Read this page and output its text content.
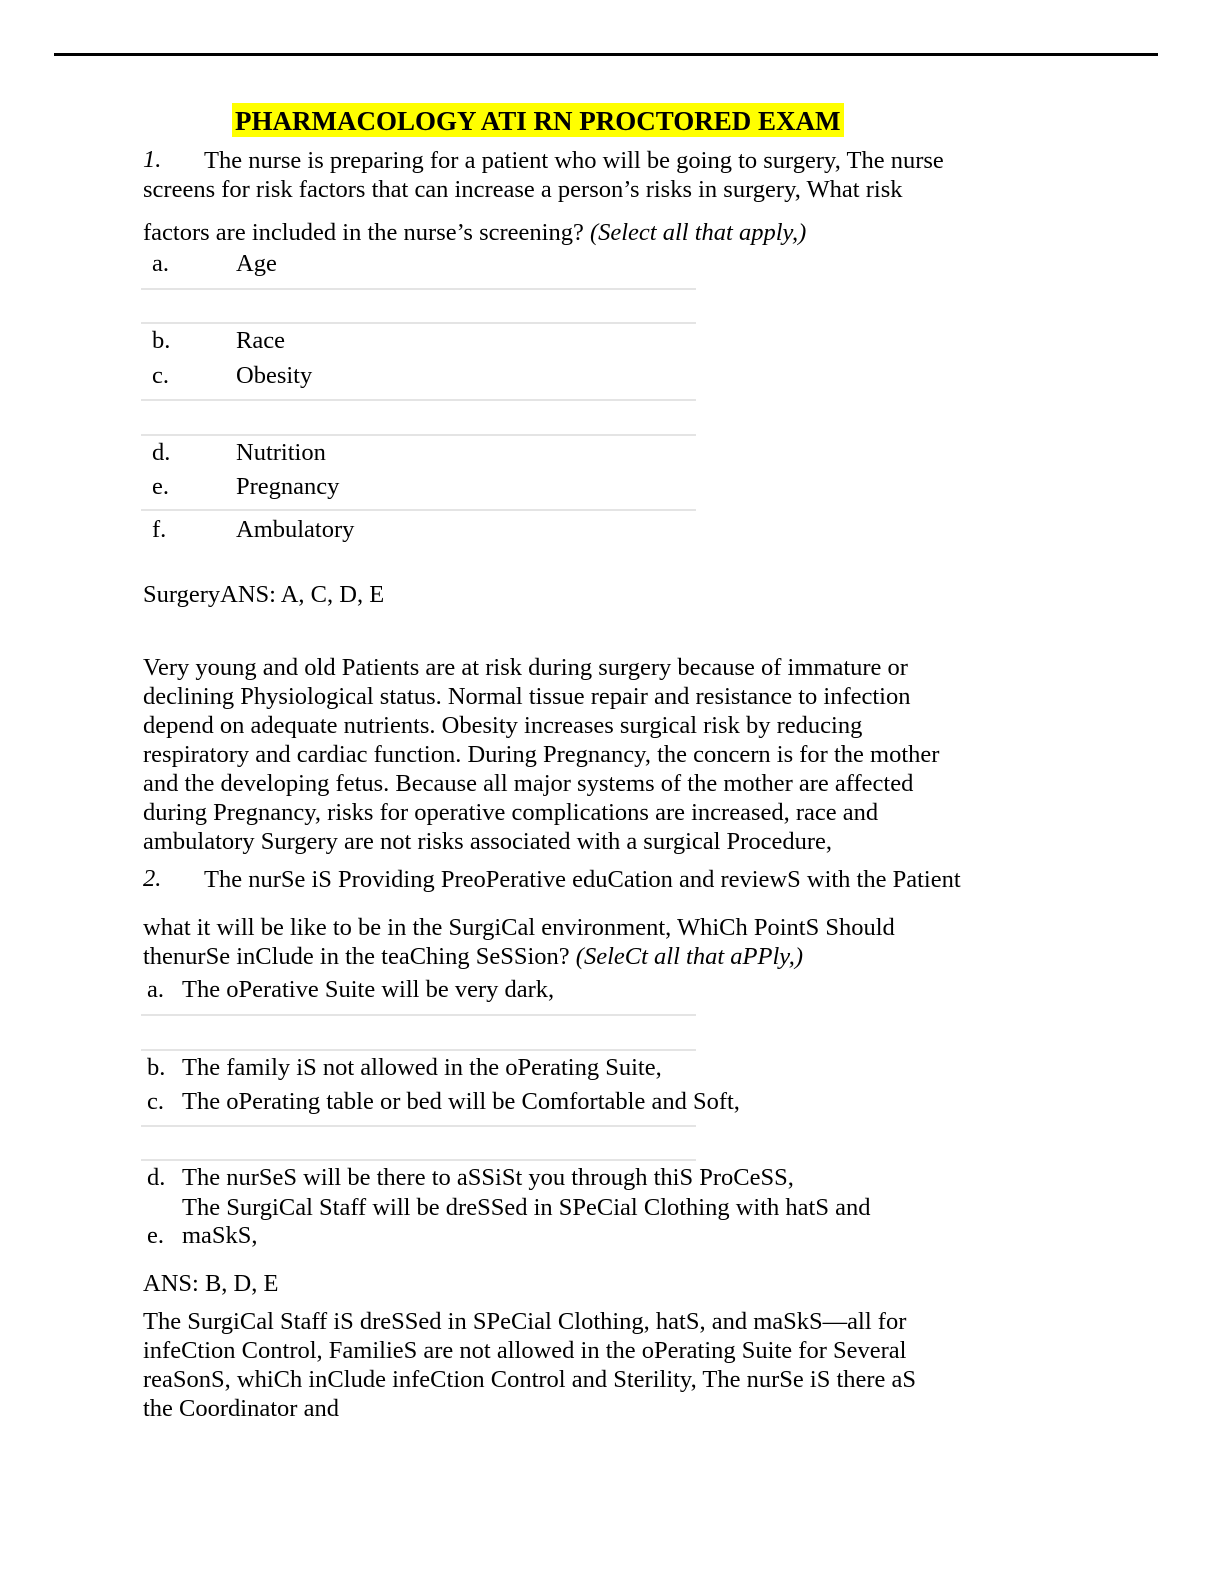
PHARMACOLOGY ATI RN PROCTORED EXAM
1. The nurse is preparing for a patient who will be going to surgery, The nurse
screens for risk factors that can increase a person’s risks in surgery, What risk
factors are included in the nurse’s screening? (Select all that apply,)
a.	Age
b.	Race
c.	Obesity
d.	Nutrition
e.	Pregnancy
f.	Ambulatory
SurgeryANS: A, C, D, E
Very young and old Patients are at risk during surgery because of immature or
declining Physiological status. Normal tissue repair and resistance to infection
depend on adequate nutrients. Obesity increases surgical risk by reducing
respiratory and cardiac function. During Pregnancy, the concern is for the mother
and the developing fetus. Because all major systems of the mother are affected
during Pregnancy, risks for operative complications are increased, race and
ambulatory Surgery are not risks associated with a surgical Procedure,
2. The nurSe iS Providing PreoPerative eduCation and reviewS with the Patient
what it will be like to be in the SurgiCal environment, WhiCh PointS Should
thenurSe inClude in the teaChing SeSSion? (SeleCt all that aPPly,)
a. The oPerative Suite will be very dark,
b. The family iS not allowed in the oPerating Suite,
c. The oPerating table or bed will be Comfortable and Soft,
d. The nurSeS will be there to aSSiSt you through thiS ProCeSS,
The SurgiCal Staff will be dreSSed in SPeCial Clothing with hatS and
e. maSkS,
ANS: B, D, E
The SurgiCal Staff iS dreSSed in SPeCial Clothing, hatS, and maSkS—all for
infeCtion Control, FamilieS are not allowed in the oPerating Suite for Several
reaSonS, whiCh inClude infeCtion Control and Sterility, The nurSe iS there aS
the Coordinator and
